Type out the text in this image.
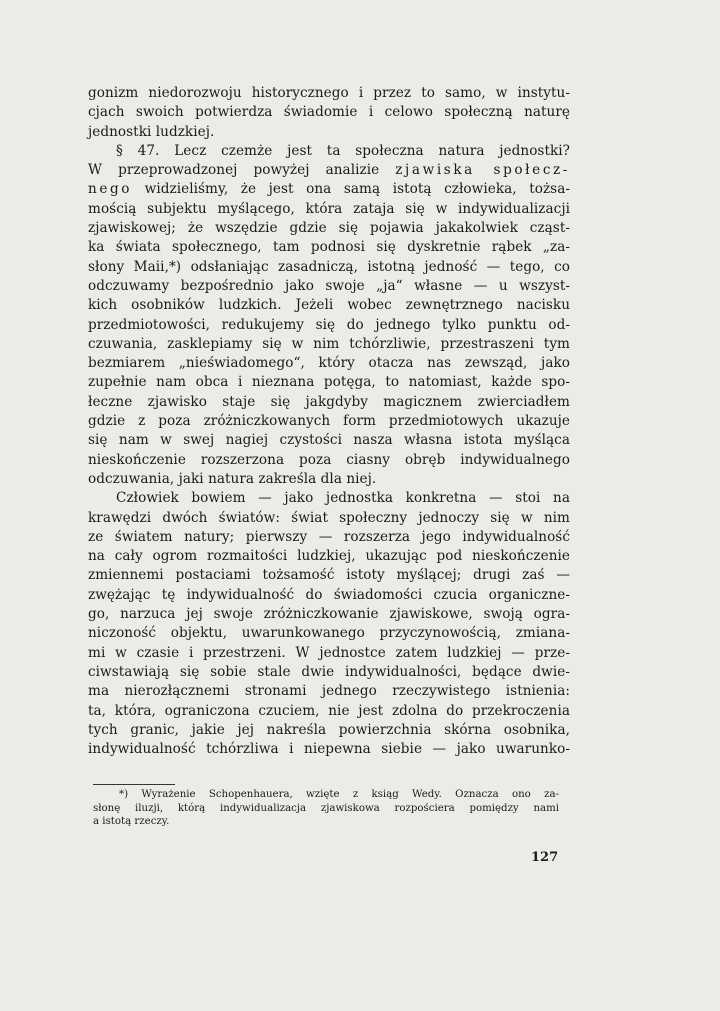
gonizm niedorozwoju historycznego i przez to samo, w instytu-
cjach swoich potwierdza świadomie i celowo społeczną naturę
jednostki ludzkiej.
§ 47. Lecz czemże jest ta społeczna natura jednostki?
W przeprowadzonej powyżej analizie zjawiska społecz-
nego widzieliśmy, że jest ona samą istotą człowieka, tożsa-
mością subjektu myślącego, która zataja się w indywidualizacji
zjawiskowej; że wszędzie gdzie się pojawia jakakolwiek cząst-
ka świata społecznego, tam podnosi się dyskretnie rąbek „za-
słony Maii,*) odsłaniając zasadniczą, istotną jedność — tego, co
odczuwamy bezpośrednio jako swoje „ja“ własne — u wszyst-
kich osobników ludzkich. Jeżeli wobec zewnętrznego nacisku
przedmiotowości, redukujemy się do jednego tylko punktu od-
czuwania, zasklepiamy się w nim tchórzliwie, przestraszeni tym
bezmiarem „nieświadomego“, który otacza nas zewsząd, jako
zupełnie nam obca i nieznana potęga, to natomiast, każde spo-
łeczne zjawisko staje się jakgdyby magicznem zwierciadłem
gdzie z poza zróżniczkowanych form przedmiotowych ukazuje
się nam w swej nagiej czystości nasza własna istota myśląca
nieskończenie rozszerzona poza ciasny obręb indywidualnego
odczuwania, jaki natura zakreśla dla niej.
Człowiek bowiem — jako jednostka konkretna — stoi na
krawędzi dwóch światów: świat społeczny jednoczy się w nim
ze światem natury; pierwszy — rozszerza jego indywidualność
na cały ogrom rozmaitości ludzkiej, ukazując pod nieskończenie
zmiennemi postaciami tożsamość istoty myślącej; drugi zaś —
zwężając tę indywidualność do świadomości czucia organiczne-
go, narzuca jej swoje zróżniczkowanie zjawiskowe, swoją ogra-
niczoność objektu, uwarunkowanego przyczynowością, zmiana-
mi w czasie i przestrzeni. W jednostce zatem ludzkiej — prze-
ciwstawiają się sobie stale dwie indywidualności, będące dwie-
ma nierozłącznemi stronami jednego rzeczywistego istnienia:
ta, która, ograniczona czuciem, nie jest zdolna do przekroczenia
tych granic, jakie jej nakreśla powierzchnia skórna osobnika,
indywidualność tchórzliwa i niepewna siebie — jako uwarunko-
*) Wyrażenie Schopenhauera, wzięte z ksiąg Wedy. Oznacza ono za-
słonę iluzji, którą indywidualizacja zjawiskowa rozpościera pomiędzy nami
a istotą rzeczy.
127
